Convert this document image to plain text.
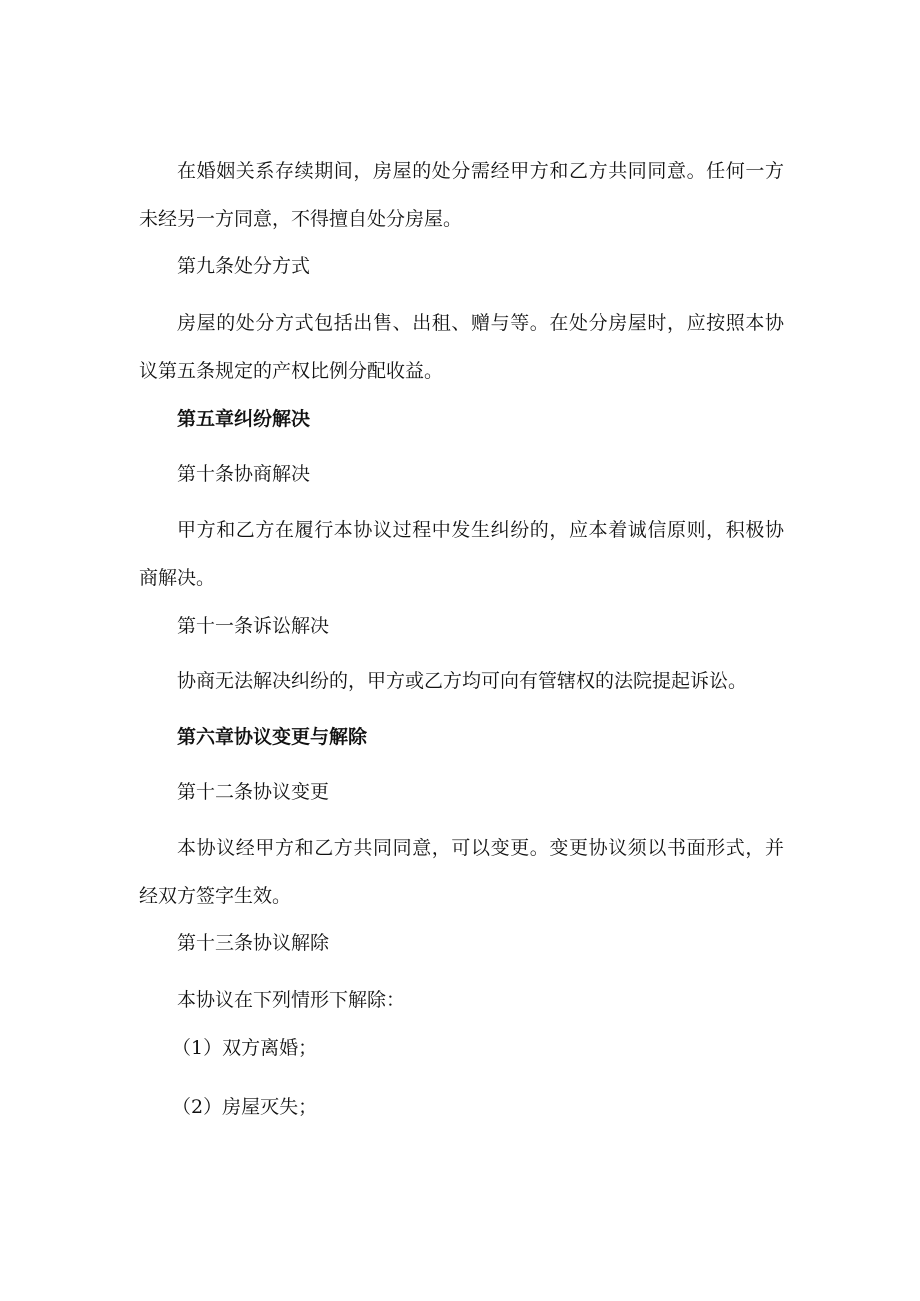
在婚姻关系存续期间，房屋的处分需经甲方和乙方共同同意。任何一方未经另一方同意，不得擅自处分房屋。

第九条处分方式

房屋的处分方式包括出售、出租、赠与等。在处分房屋时，应按照本协议第五条规定的产权比例分配收益。

第五章纠纷解决

第十条协商解决

甲方和乙方在履行本协议过程中发生纠纷的，应本着诚信原则，积极协商解决。

第十一条诉讼解决

协商无法解决纠纷的，甲方或乙方均可向有管辖权的法院提起诉讼。

第六章协议变更与解除

第十二条协议变更

本协议经甲方和乙方共同同意，可以变更。变更协议须以书面形式，并经双方签字生效。

第十三条协议解除

本协议在下列情形下解除：

（1）双方离婚；

（2）房屋灭失；
